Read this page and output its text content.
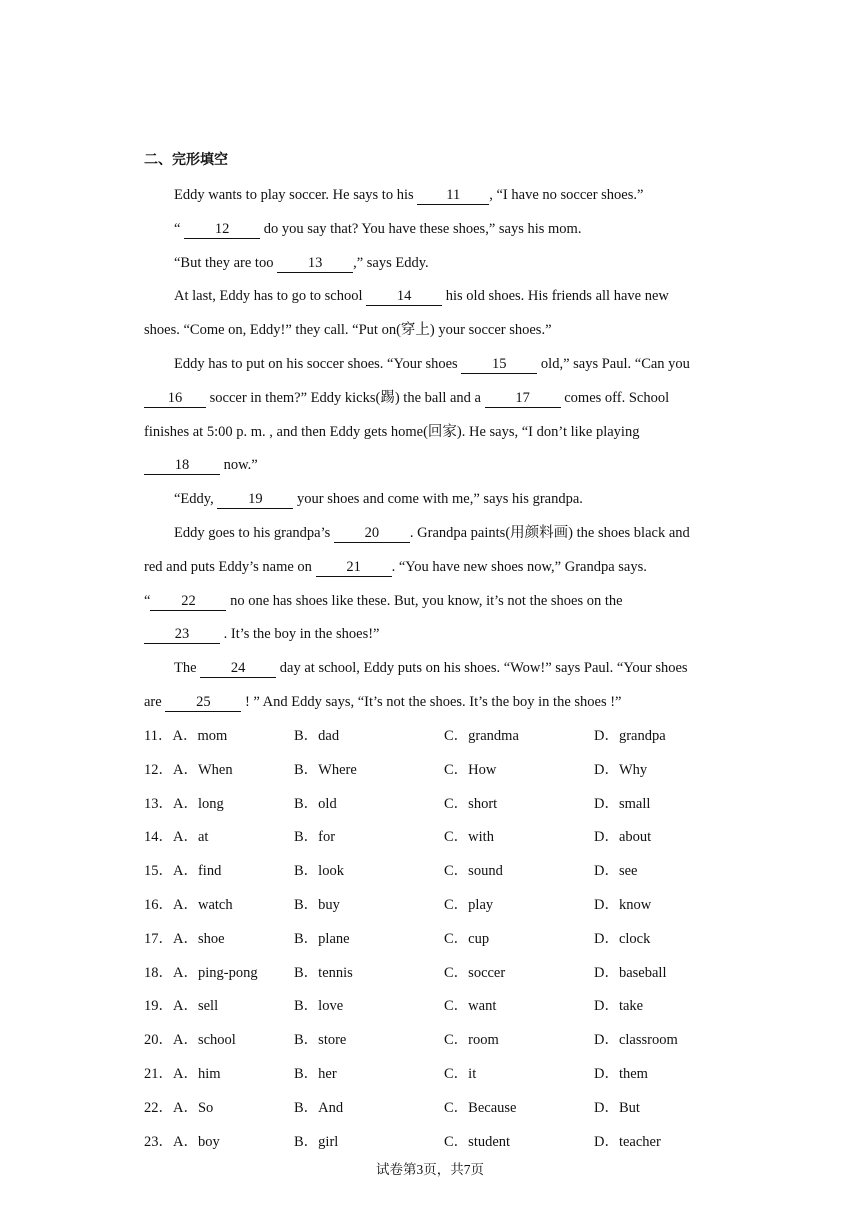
二、完形填空
Eddy wants to play soccer. He says to his 11 , “I have no soccer shoes.”
“ 12 do you say that? You have these shoes,” says his mom.
“But they are too 13 ,” says Eddy.
At last, Eddy has to go to school 14 his old shoes. His friends all have new
shoes. “Come on, Eddy!” they call. “Put on(穿上) your soccer shoes.”
Eddy has to put on his soccer shoes. “Your shoes 15 old,” says Paul. “Can you
16 soccer in them?” Eddy kicks(踢) the ball and a 17 comes off. School
finishes at 5:00 p. m. , and then Eddy gets home(回家). He says, “I don’t like playing
18 now.”
“Eddy, 19 your shoes and come with me,” says his grandpa.
Eddy goes to his grandpa’s 20 . Grandpa paints(用颜料画) the shoes black and
red and puts Eddy’s name on 21 . “You have new shoes now,” Grandpa says.
“ 22 no one has shoes like these. But, you know, it’s not the shoes on the
23 . It’s the boy in the shoes!”
The 24 day at school, Eddy puts on his shoes. “Wow!” says Paul. “Your shoes
are 25 ! ” And Eddy says, “It’s not the shoes. It’s the boy in the shoes !”
11．A．mom	B．dad	C．grandma	D．grandpa
12．A．When	B．Where	C．How	D．Why
13．A．long	B．old	C．short	D．small
14．A．at	B．for	C．with	D．about
15．A．find	B．look	C．sound	D．see
16．A．watch	B．buy	C．play	D．know
17．A．shoe	B．plane	C．cup	D．clock
18．A．ping-pong	B．tennis	C．soccer	D．baseball
19．A．sell	B．love	C．want	D．take
20．A．school	B．store	C．room	D．classroom
21．A．him	B．her	C．it	D．them
22．A．So	B．And	C．Because	D．But
23．A．boy	B．girl	C．student	D．teacher
试卷第3页，共7页
